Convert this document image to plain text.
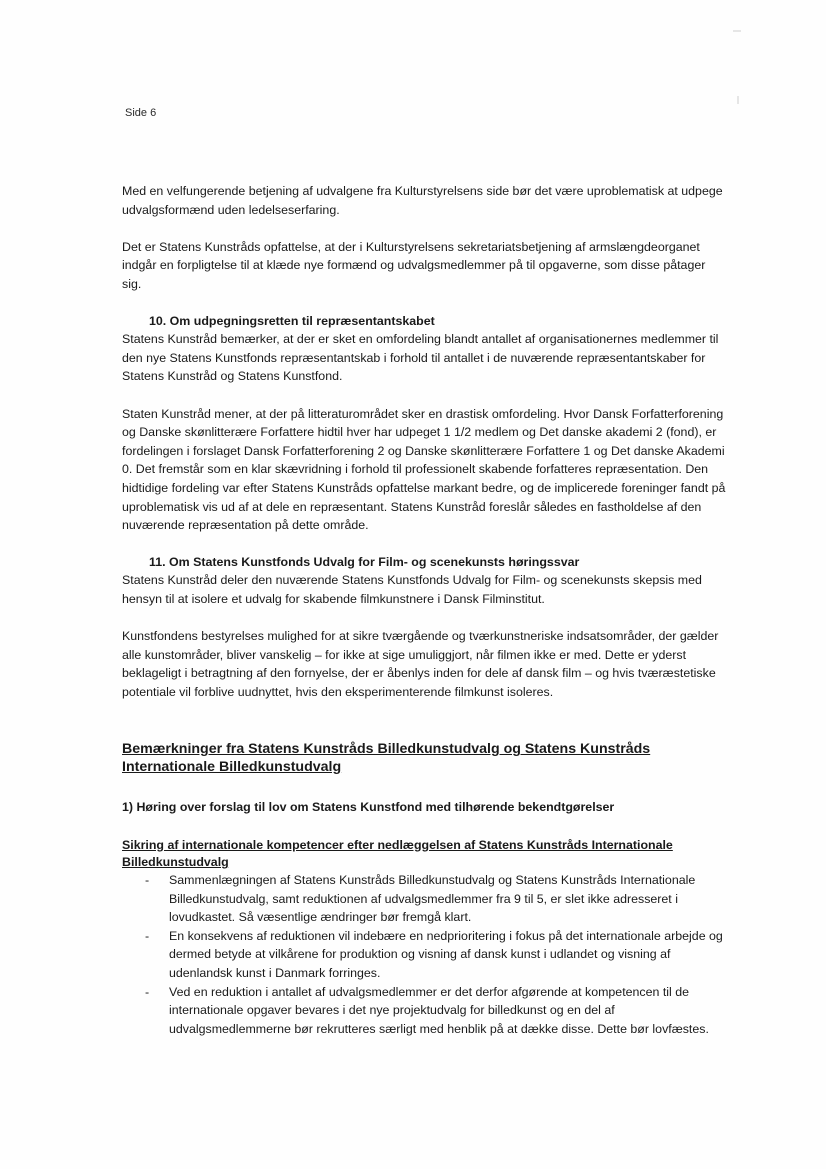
Side 6

Med en velfungerende betjening af udvalgene fra Kulturstyrelsens side bør det være uproblematisk at udpege udvalgsformænd uden ledelseserfaring.

Det er Statens Kunstråds opfattelse, at der i Kulturstyrelsens sekretariatsbetjening af armslængdeorganet indgår en forpligtelse til at klæde nye formænd og udvalgsmedlemmer på til opgaverne, som disse påtager sig.

10. Om udpegningsretten til repræsentantskabet

Statens Kunstråd bemærker, at der er sket en omfordeling blandt antallet af organisationernes medlemmer til den nye Statens Kunstfonds repræsentantskab i forhold til antallet i de nuværende repræsentantskaber for Statens Kunstråd og Statens Kunstfond.

Staten Kunstråd mener, at der på litteraturområdet sker en drastisk omfordeling. Hvor Dansk Forfatterforening og Danske skønlitterære Forfattere hidtil hver har udpeget 1 1/2 medlem og Det danske akademi 2 (fond), er fordelingen i forslaget Dansk Forfatterforening 2 og Danske skønlitterære Forfattere 1 og Det danske Akademi 0. Det fremstår som en klar skævridning i forhold til professionelt skabende forfatteres repræsentation. Den hidtidige fordeling var efter Statens Kunstråds opfattelse markant bedre, og de implicerede foreninger fandt på uproblematisk vis ud af at dele en repræsentant. Statens Kunstråd foreslår således en fastholdelse af den nuværende repræsentation på dette område.

11. Om Statens Kunstfonds Udvalg for Film- og scenekunsts høringssvar

Statens Kunstråd deler den nuværende Statens Kunstfonds Udvalg for Film- og scenekunsts skepsis med hensyn til at isolere et udvalg for skabende filmkunstnere i Dansk Filminstitut.

Kunstfondens bestyrelses mulighed for at sikre tværgående og tværkunstneriske indsatsområder, der gælder alle kunstområder, bliver vanskelig – for ikke at sige umuliggjort, når filmen ikke er med. Dette er yderst beklageligt i betragtning af den fornyelse, der er åbenlys inden for dele af dansk film – og hvis tværæstetiske potentiale vil forblive uudnyttet, hvis den eksperimenterende filmkunst isoleres.

Bemærkninger fra Statens Kunstråds Billedkunstudvalg og Statens Kunstråds Internationale Billedkunstudvalg
1) Høring over forslag til lov om Statens Kunstfond med tilhørende bekendtgørelser
Sikring af internationale kompetencer efter nedlæggelsen af Statens Kunstråds Internationale Billedkunstudvalg
- Sammenlægningen af Statens Kunstråds Billedkunstudvalg og Statens Kunstråds Internationale Billedkunstudvalg, samt reduktionen af udvalgsmedlemmer fra 9 til 5, er slet ikke adresseret i lovudkastet. Så væsentlige ændringer bør fremgå klart.
- En konsekvens af reduktionen vil indebære en nedprioritering i fokus på det internationale arbejde og dermed betyde at vilkårene for produktion og visning af dansk kunst i udlandet og visning af udenlandsk kunst i Danmark forringes.
- Ved en reduktion i antallet af udvalgsmedlemmer er det derfor afgørende at kompetencen til de internationale opgaver bevares i det nye projektudvalg for billedkunst og en del af udvalgsmedlemmerne bør rekrutteres særligt med henblik på at dække disse. Dette bør lovfæstes.
